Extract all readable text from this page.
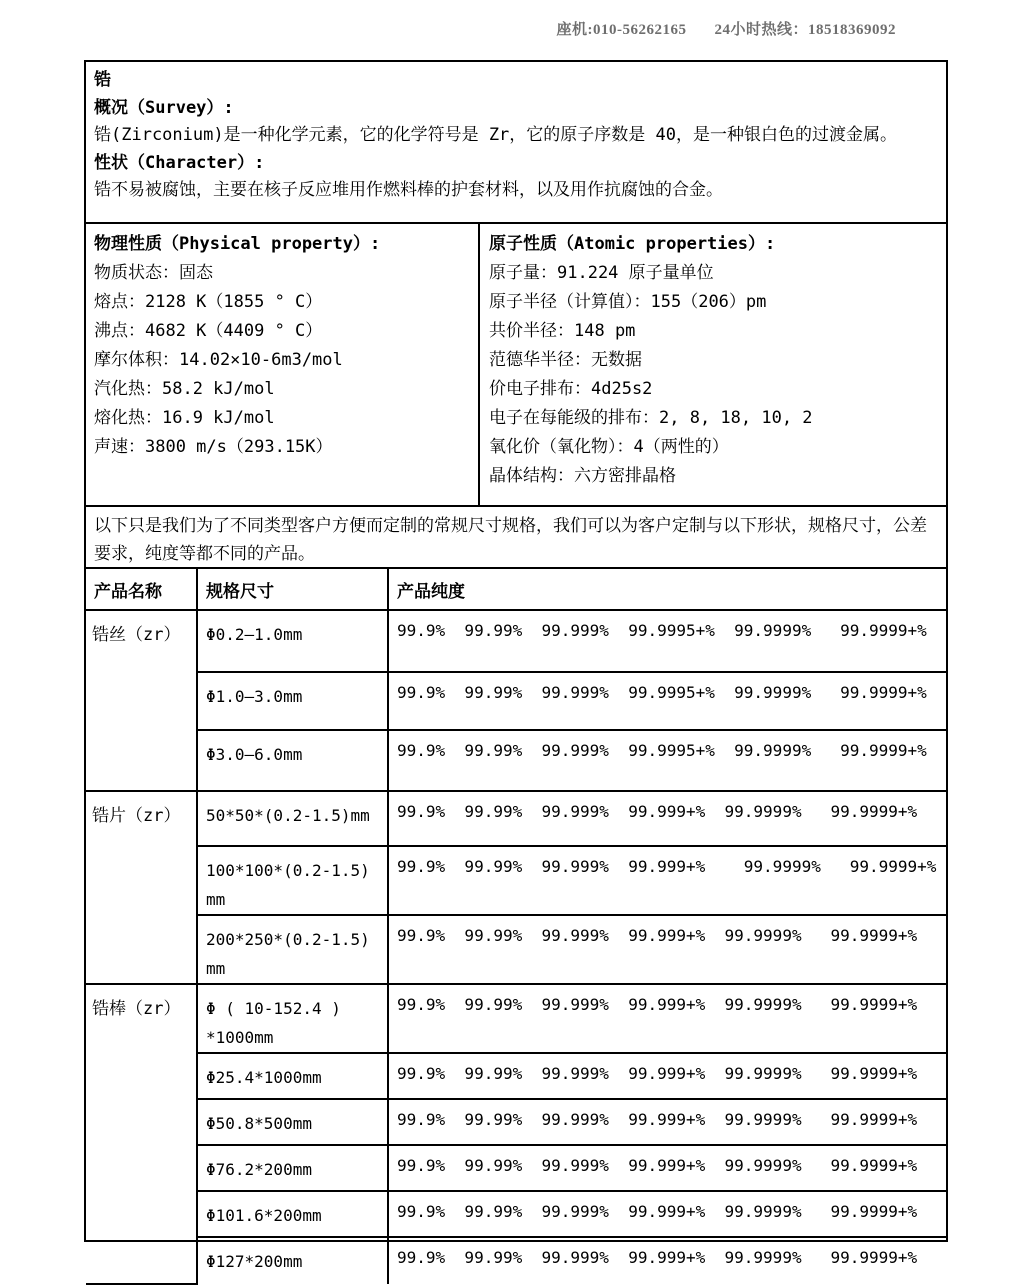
座机:010-56262165 24小时热线：18518369092
锆
概况（Survey）:
锆(Zirconium)是一种化学元素，它的化学符号是 Zr，它的原子序数是 40，是一种银白色的过渡金属。
性状（Character）:
锆不易被腐蚀，主要在核子反应堆用作燃料棒的护套材料，以及用作抗腐蚀的合金。
物理性质（Physical property）:
物质状态：固态
熔点：2128 K（1855 ° C）
沸点：4682 K（4409 ° C）
摩尔体积：14.02×10-6m3/mol
汽化热：58.2 kJ/mol
熔化热：16.9 kJ/mol
声速：3800 m/s（293.15K）
原子性质（Atomic properties）:
原子量：91.224 原子量单位
原子半径（计算值）：155（206）pm
共价半径：148 pm
范德华半径：无数据
价电子排布：4d25s2
电子在每能级的排布：2, 8, 18, 10, 2
氧化价（氧化物）：4（两性的）
晶体结构：六方密排晶格
以下只是我们为了不同类型客户方便而定制的常规尺寸规格，我们可以为客户定制与以下形状，规格尺寸，公差要求，纯度等都不同的产品。
产品名称	规格尺寸	产品纯度
锆丝（zr）	Φ0.2—1.0mm	99.9%  99.99%  99.999%  99.9995+%  99.9999%   99.9999+%
	Φ1.0—3.0mm	99.9%  99.99%  99.999%  99.9995+%  99.9999%   99.9999+%
	Φ3.0—6.0mm	99.9%  99.99%  99.999%  99.9995+%  99.9999%   99.9999+%
锆片（zr）	50*50*(0.2-1.5)mm	99.9%  99.99%  99.999%  99.999+%  99.9999%   99.9999+%
	100*100*(0.2-1.5) mm	99.9%  99.99%  99.999%  99.999+%    99.9999%   99.9999+%
	200*250*(0.2-1.5) mm	99.9%  99.99%  99.999%  99.999+%  99.9999%   99.9999+%
锆棒（zr）	Φ ( 10-152.4 ) *1000mm	99.9%  99.99%  99.999%  99.999+%  99.9999%   99.9999+%
	Φ25.4*1000mm	99.9%  99.99%  99.999%  99.999+%  99.9999%   99.9999+%
	Φ50.8*500mm	99.9%  99.99%  99.999%  99.999+%  99.9999%   99.9999+%
	Φ76.2*200mm	99.9%  99.99%  99.999%  99.999+%  99.9999%   99.9999+%
	Φ101.6*200mm	99.9%  99.99%  99.999%  99.999+%  99.9999%   99.9999+%
	Φ127*200mm	99.9%  99.99%  99.999%  99.999+%  99.9999%   99.9999+%
